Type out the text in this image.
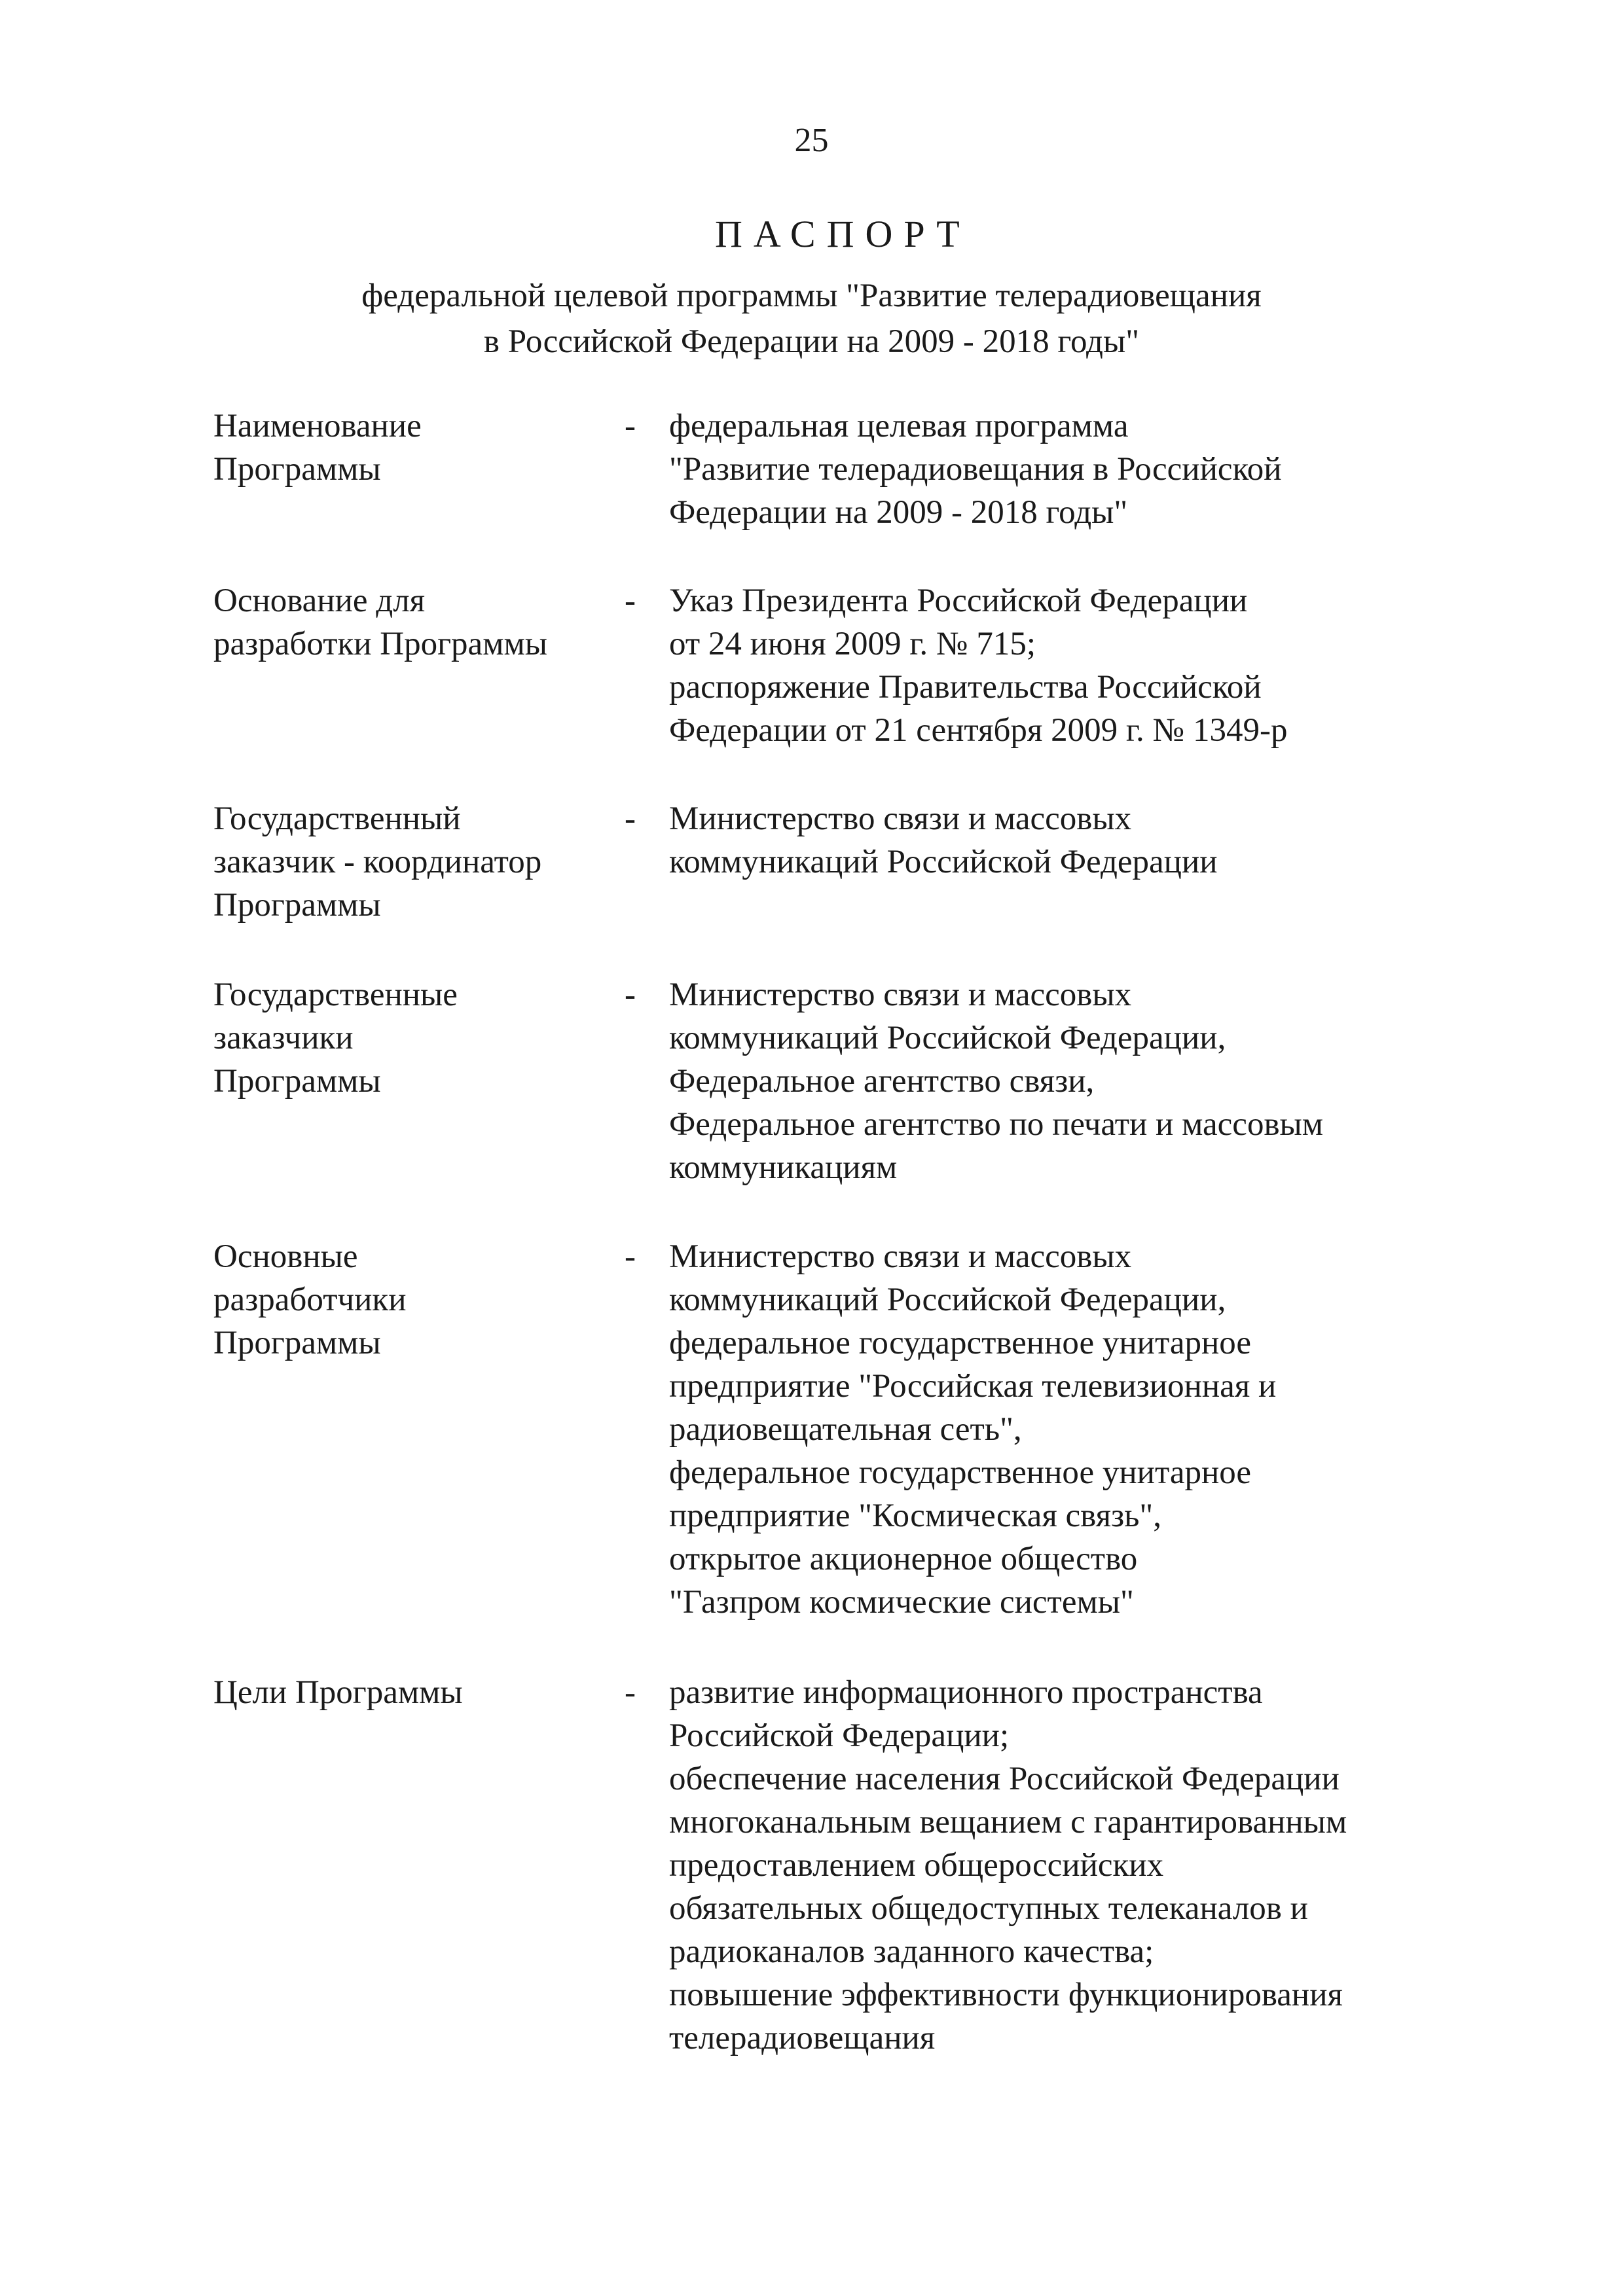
25
ПАСПОРТ
федеральной целевой программы "Развитие телерадиовещания
в Российской Федерации на 2009 - 2018 годы"
Наименование
Программы
- федеральная целевая программа
"Развитие телерадиовещания в Российской
Федерации на 2009 - 2018 годы"
Основание для
разработки Программы
- Указ Президента Российской Федерации
от 24 июня 2009 г. № 715;
распоряжение Правительства Российской
Федерации от 21 сентября 2009 г. № 1349-р
Государственный
заказчик - координатор
Программы
- Министерство связи и массовых
коммуникаций Российской Федерации
Государственные
заказчики
Программы
- Министерство связи и массовых
коммуникаций Российской Федерации,
Федеральное агентство связи,
Федеральное агентство по печати и массовым
коммуникациям
Основные
разработчики
Программы
- Министерство связи и массовых
коммуникаций Российской Федерации,
федеральное государственное унитарное
предприятие "Российская телевизионная и
радиовещательная сеть",
федеральное государственное унитарное
предприятие "Космическая связь",
открытое акционерное общество
"Газпром космические системы"
Цели Программы	- развитие информационного пространства
Российской Федерации;
обеспечение населения Российской Федерации
многоканальным вещанием с гарантированным
предоставлением общероссийских
обязательных общедоступных телеканалов и
радиоканалов заданного качества;
повышение эффективности функционирования
телерадиовещания
